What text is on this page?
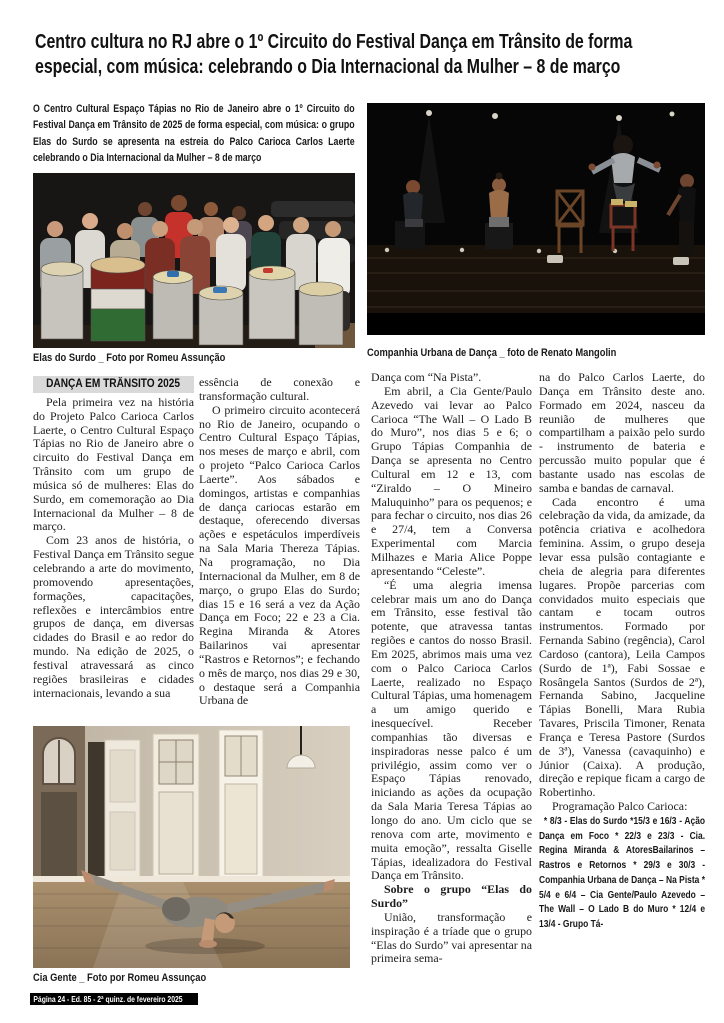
Centro cultura no RJ abre o 1º Circuito do Festival Dança em Trânsito de forma especial, com música: celebrando o Dia Internacional da Mulher – 8 de março
O Centro Cultural Espaço Tápias no Rio de Janeiro abre o 1º Circuito do Festival Dança em Trânsito de 2025 de forma especial, com música: o grupo Elas do Surdo se apresenta na estreia do Palco Carioca Carlos Laerte celebrando o Dia Internacional da Mulher – 8 de março
Elas do Surdo _ Foto por Romeu Assunção	Companhia Urbana de Dança _ foto de Renato Mangolin
DANÇA EM TRÂNSITO 2025

Pela primeira vez na história do Projeto Palco Carioca Carlos Laerte, o Centro Cultural Espaço Tápias no Rio de Janeiro abre o circuito do Festival Dança em Trânsito com um grupo de música só de mulheres: Elas do Surdo, em comemoração ao Dia Internacional da Mulher – 8 de março.

Com 23 anos de história, o Festival Dança em Trânsito segue celebrando a arte do movimento, promovendo apresentações, formações, capacitações, reflexões e intercâmbios entre grupos de dança, em diversas cidades do Brasil e ao redor do mundo. Na edição de 2025, o festival atravessará as cinco regiões brasileiras e cidades internacionais, levando a sua

essência de conexão e transformação cultural.

O primeiro circuito acontecerá no Rio de Janeiro, ocupando o Centro Cultural Espaço Tápias, nos meses de março e abril, com o projeto “Palco Carioca Carlos Laerte”. Aos sábados e domingos, artistas e companhias de dança cariocas estarão em destaque, oferecendo diversas ações e espetáculos imperdíveis na Sala Maria Thereza Tápias. Na programação, no Dia Internacional da Mulher, em 8 de março, o grupo Elas do Surdo; dias 15 e 16 será a vez da Ação Dança em Foco; 22 e 23 a Cia. Regina Miranda & Atores Bailarinos vai apresentar “Rastros e Retornos”; e fechando o mês de março, nos dias 29 e 30, o destaque será a Companhia Urbana de

Dança com “Na Pista”.

Em abril, a Cia Gente/Paulo Azevedo vai levar ao Palco Carioca “The Wall – O Lado B do Muro”, nos dias 5 e 6; o Grupo Tápias Companhia de Dança se apresenta no Centro Cultural em 12 e 13, com “Ziraldo – O Mineiro Maluquinho” para os pequenos; e para fechar o circuito, nos dias 26 e 27/4, tem a Conversa Experimental com Marcia Milhazes e Maria Alice Poppe apresentando “Celeste”.

“É uma alegria imensa celebrar mais um ano do Dança em Trânsito, esse festival tão potente, que atravessa tantas regiões e cantos do nosso Brasil. Em 2025, abrimos mais uma vez com o Palco Carioca Carlos Laerte, realizado no Espaço Cultural Tápias, uma homenagem a um amigo querido e inesquecível. Receber companhias tão diversas e inspiradoras nesse palco é um privilégio, assim como ver o Espaço Tápias renovado, iniciando as ações da ocupação da Sala Maria Teresa Tápias ao longo do ano. Um ciclo que se renova com arte, movimento e muita emoção”, ressalta Giselle Tápias, idealizadora do Festival Dança em Trânsito.

Sobre o grupo “Elas do Surdo”

União, transformação e inspiração é a tríade que o grupo “Elas do Surdo” vai apresentar na primeira sema-

na do Palco Carlos Laerte, do Dança em Trânsito deste ano. Formado em 2024, nasceu da reunião de mulheres que compartilham a paixão pelo surdo - instrumento de bateria e percussão muito popular que é bastante usado nas escolas de samba e bandas de carnaval.

Cada encontro é uma celebração da vida, da amizade, da potência criativa e acolhedora feminina. Assim, o grupo deseja levar essa pulsão contagiante e cheia de alegria para diferentes lugares. Propõe parcerias com convidados muito especiais que cantam e tocam outros instrumentos. Formado por Fernanda Sabino (regência), Carol Cardoso (cantora), Leila Campos (Surdo de 1ª), Fabi Sossae e Rosângela Santos (Surdos de 2ª), Fernanda Sabino, Jacqueline Tápias Bonelli, Mara Rubia Tavares, Priscila Timoner, Renata França e Teresa Pastore (Surdos de 3ª), Vanessa (cavaquinho) e Júnior (Caixa). A produção, direção e repique ficam a cargo de Robertinho.

Programação Palco Carioca:

* 8/3 - Elas do Surdo *15/3 e 16/3 - Ação Dança em Foco * 22/3 e 23/3 - Cia. Regina Miranda & AtoresBailarinos – Rastros e Retornos * 29/3 e 30/3 - Companhia Urbana de Dança – Na Pista * 5/4 e 6/4 – Cia Gente/Paulo Azevedo – The Wall – O Lado B do Muro * 12/4 e 13/4 - Grupo Tá-
Cia Gente _ Foto por Romeu Assunçao
Página 24 - Ed. 85 - 2ª quinz. de fevereiro 2025
